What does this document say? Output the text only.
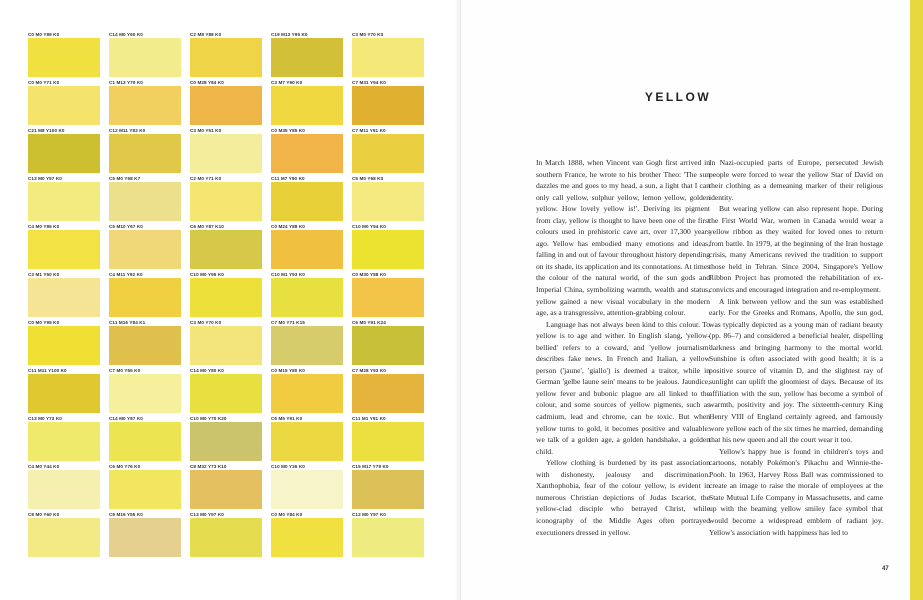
C0 M0 Y89 K0	C14 M0 Y60 K0	C2 M8 Y88 K0	C19 M13 Y95 K0	C3 M0 Y70 K0
C0 M0 Y71 K0	C1 M13 Y70 K0	C0 M28 Y84 K0	C3 M7 Y90 K0	C7 M31 Y94 K0
C21 M8 Y100 K0	C12 M11 Y82 K0	C3 M0 Y51 K0	C0 M35 Y85 K0	C7 M11 Y91 K0
C13 M0 Y57 K0	C5 M0 Y58 K7	C2 M0 Y71 K0	C11 M7 Y90 K0	C5 M0 Y68 K0
C4 M0 Y86 K0	C5 M10 Y67 K0	C6 M0 Y87 K10	C0 M24 Y88 K0	C10 M0 Y94 K0
C3 M1 Y50 K0	C4 M11 Y92 K0	C10 M0 Y95 K0	C10 M1 Y93 K0	C0 M30 Y88 K0
C0 M0 Y95 K0	C11 M16 Y84 K1	C3 M0 Y70 K0	C7 M0 Y71 K15	C6 M0 Y91 K24
C11 M11 Y100 K0	C7 M0 Y55 K0	C14 M0 Y80 K0	C0 M15 Y80 K0	C7 M28 Y93 K0
C13 M0 Y73 K0	C14 M0 Y87 K0	C10 M0 Y70 K20	C6 M5 Y91 K0	C11 M1 Y91 K0
C4 M0 Y44 K0	C6 M0 Y76 K0	C8 M32 Y73 K10	C10 M0 Y36 K0	C15 M17 Y79 K0
C8 M0 Y60 K0	C9 M16 Y55 K0	C13 M0 Y97 K0	C0 M0 Y84 K0	C12 M0 Y97 K0
YELLOW

In March 1888, when Vincent van Gogh first arrived in southern France, he wrote to his brother Theo: 'The sun dazzles me and goes to my head, a sun, a light that I can only call yellow, sulphur yellow, lemon yellow, golden yellow. How lovely yellow is!'. Deriving its pigment from clay, yellow is thought to have been one of the first colours used in prehistoric cave art, over 17,300 years ago. Yellow has embodied many emotions and ideas, falling in and out of favour throughout history depending on its shade, its application and its connotations. At times the colour of the natural world, of the sun gods and Imperial China, symbolizing warmth, wealth and status, yellow gained a new visual vocabulary in the modern age, as a transgressive, attention-grabbing colour.

Language has not always been kind to this colour. To yellow is to age and wither. In English slang, 'yellow-bellied' refers to a coward, and 'yellow journalism' describes fake news. In French and Italian, a yellow person ('jaune', 'giallo') is deemed a traitor, while in German 'gelbe laune sein' means to be jealous. Jaundice, yellow fever and bubonic plague are all linked to the colour, and some sources of yellow pigments, such as cadmium, lead and chrome, can be toxic. But when yellow turns to gold, it becomes positive and valuable: we talk of a golden age, a golden handshake, a golden child.

Yellow clothing is burdened by its past association with dishonesty, jealousy and discrimination. Xanthophobia, fear of the colour yellow, is evident in numerous Christian depictions of Judas Iscariot, the yellow-clad disciple who betrayed Christ, while iconography of the Middle Ages often portrayed executioners dressed in yellow.

In Nazi-occupied parts of Europe, persecuted Jewish people were forced to wear the yellow Star of David on their clothing as a demeaning marker of their religious identity.

But wearing yellow can also represent hope. During the First World War, women in Canada would wear a yellow ribbon as they waited for loved ones to return from battle. In 1979, at the beginning of the Iran hostage crisis, many Americans revived the tradition to support those held in Tehran. Since 2004, Singapore's Yellow Ribbon Project has promoted the rehabilitation of ex-convicts and encouraged integration and re-employment.

A link between yellow and the sun was established early. For the Greeks and Romans, Apollo, the sun god, was typically depicted as a young man of radiant beauty (pp. 86–7) and considered a beneficial healer, dispelling darkness and bringing harmony to the mortal world. Sunshine is often associated with good health; it is a positive source of vitamin D, and the slightest ray of sunlight can uplift the gloomiest of days. Because of its affiliation with the sun, yellow has become a symbol of warmth, positivity and joy. The sixteenth-century King Henry VIII of England certainly agreed, and famously wore yellow each of the six times he married, demanding that his new queen and all the court wear it too.

Yellow's happy hue is found in children's toys and cartoons, notably Pokémon's Pikachu and Winnie-the-Pooh. In 1963, Harvey Ross Ball was commissioned to create an image to raise the morale of employees at the State Mutual Life Company in Massachusetts, and came up with the beaming yellow smiley face symbol that would become a widespread emblem of radiant joy. Yellow's association with happiness has led to

47
